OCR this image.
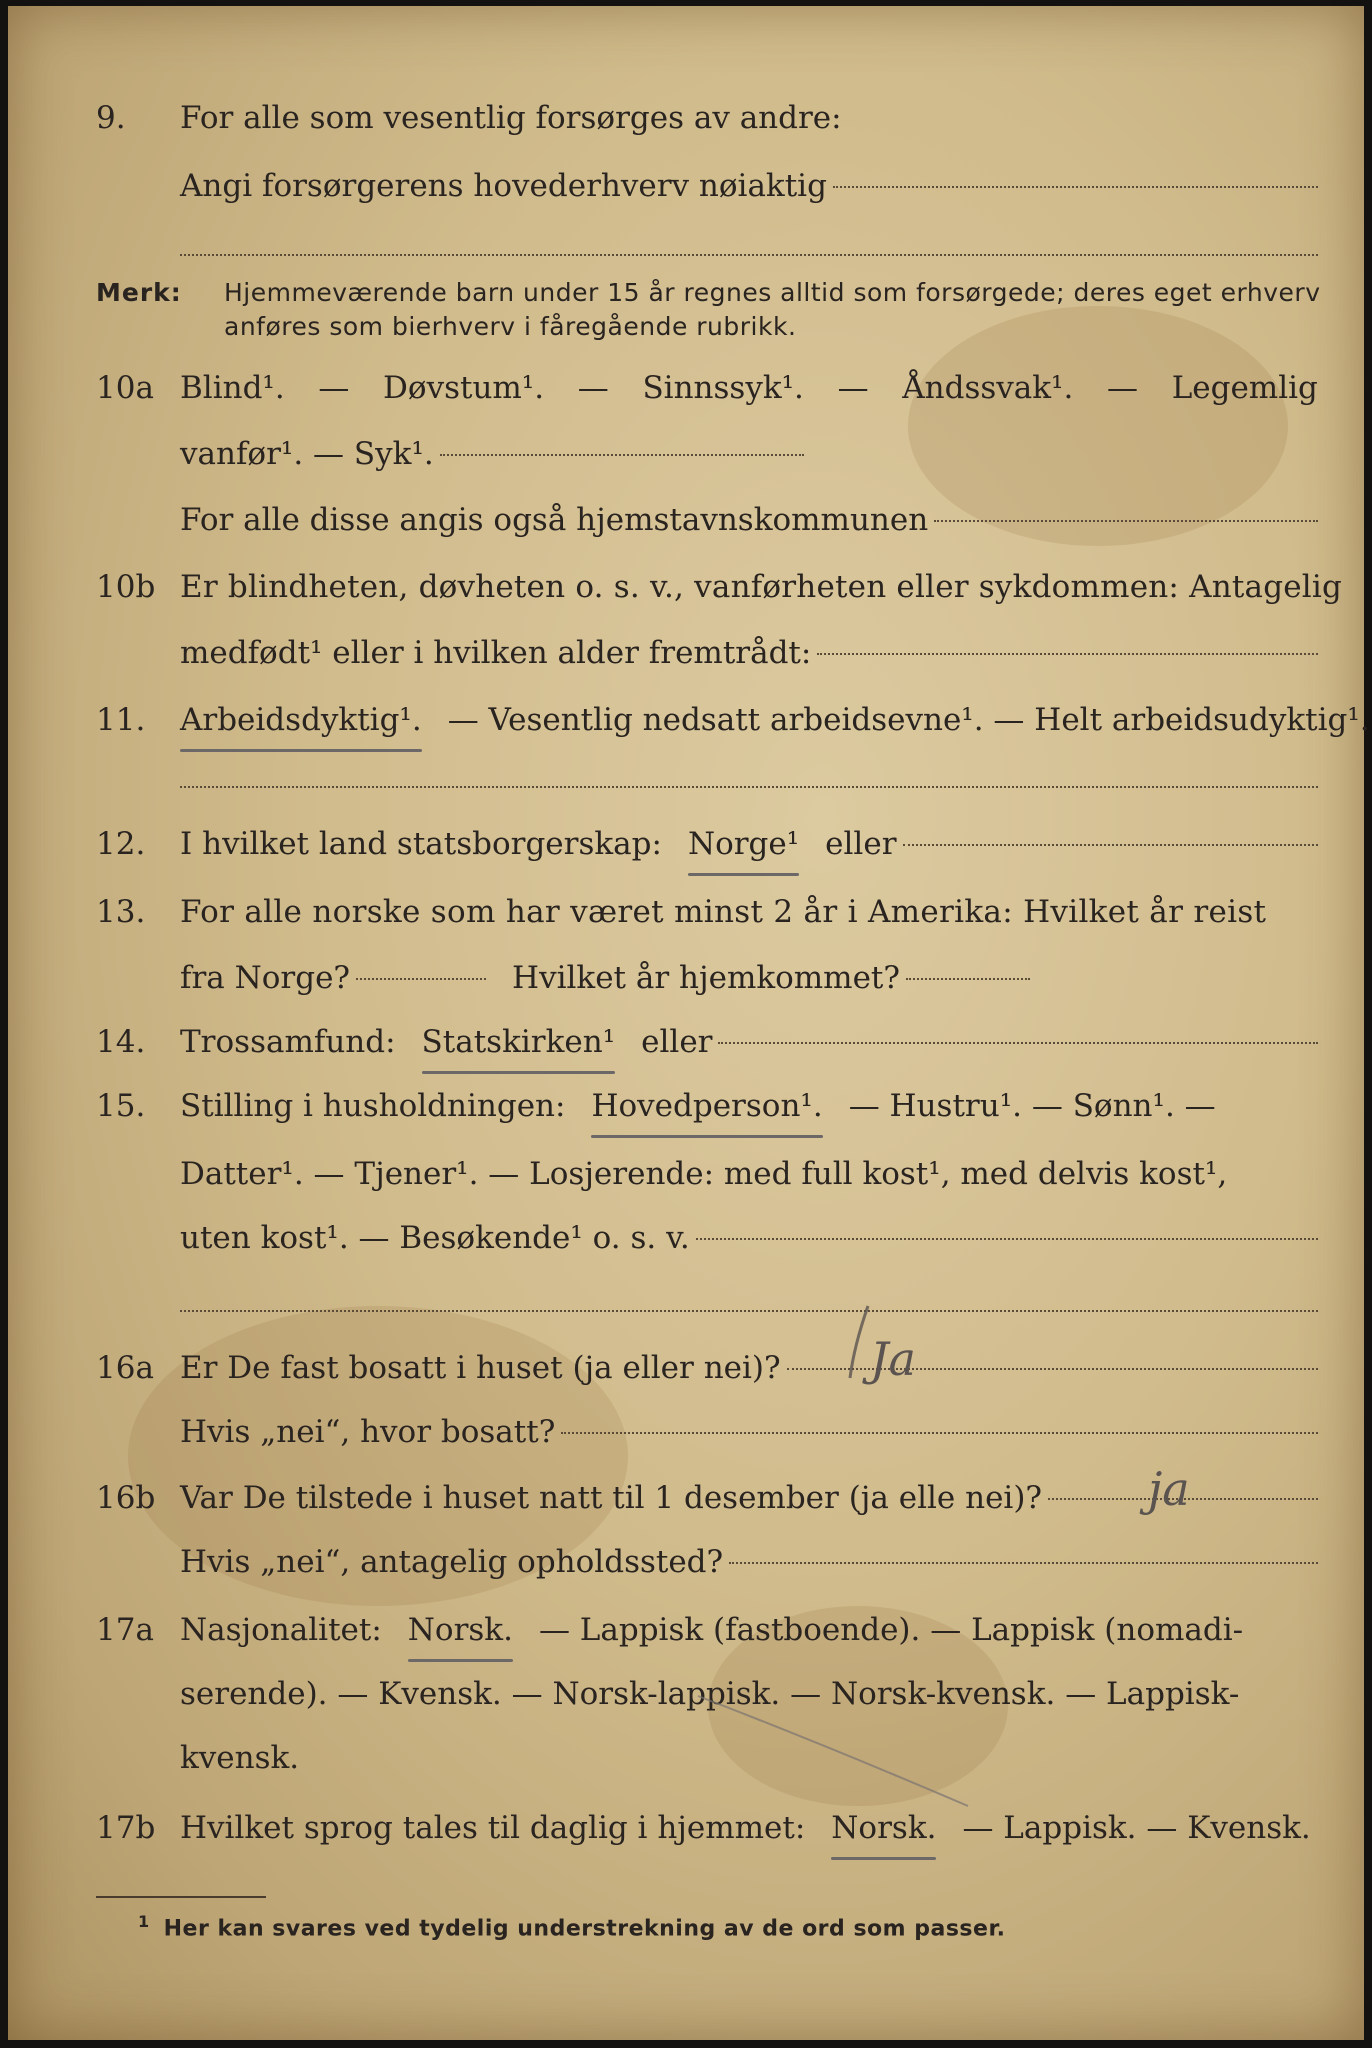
9. For alle som vesentlig forsørges av andre:
Angi forsørgerens hovederhverv nøiaktig
Merk: Hjemmeværende barn under 15 år regnes alltid som forsørgede; deres eget erhverv
anføres som bierhverv i fåregående rubrikk.
10a Blind¹. — Døvstum¹. — Sinnssyk¹. — Åndssvak¹. — Legemlig
vanfør¹. — Syk¹.
For alle disse angis også hjemstavnskommunen
10b Er blindheten, døvheten o. s. v., vanførheten eller sykdommen: Antagelig
medfødt¹ eller i hvilken alder fremtrådt:
11. Arbeidsdyktig¹. — Vesentlig nedsatt arbeidsevne¹. — Helt arbeidsudyktig¹.
12. I hvilket land statsborgerskap: Norge¹ eller
13. For alle norske som har været minst 2 år i Amerika: Hvilket år reist
fra Norge?	Hvilket år hjemkommet?
14. Trossamfund: Statskirken¹ eller
15. Stilling i husholdningen: Hovedperson¹. — Hustru¹. — Sønn¹. —
Datter¹. — Tjener¹. — Losjerende: med full kost¹, med delvis kost¹,
uten kost¹. — Besøkende¹ o. s. v.
16a Er De fast bosatt i huset (ja eller nei)? Ja
Hvis „nei“, hvor bosatt?
16b Var De tilstede i huset natt til 1 desember (ja elle nei)? ja
Hvis „nei“, antagelig opholdssted?
17a Nasjonalitet: Norsk. — Lappisk (fastboende). — Lappisk (nomadi-
serende). — Kvensk. — Norsk-lappisk. — Norsk-kvensk. — Lappisk-
kvensk.
17b Hvilket sprog tales til daglig i hjemmet: Norsk. — Lappisk. — Kvensk.
$^1$ Her kan svares ved tydelig understrekning av de ord som passer.
